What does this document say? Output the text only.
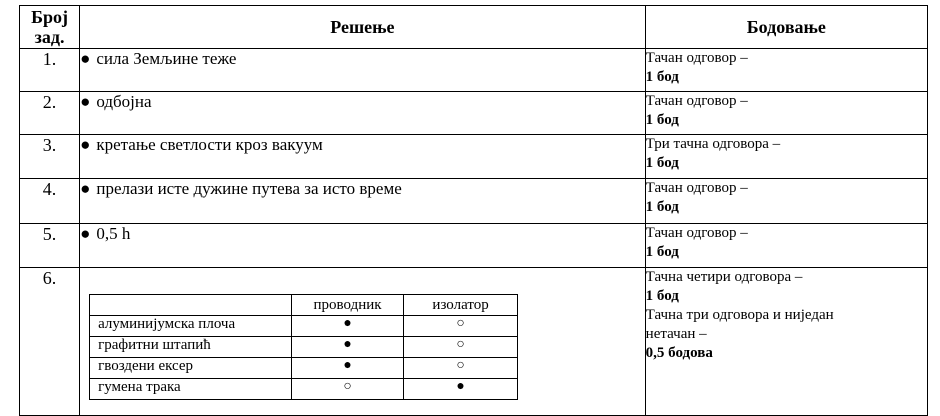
Број
зад.
	Решење	Бодовање
1.	● сила Земљине теже	Тачан одговор –
1 бод

2.	● одбојна	Тачан одговор –
1 бод

3.	● кретање светлости кроз вакуум	Три тачна одговора –
1 бод

4.	● прелази исте дужине путева за исто време	Тачан одговор –
1 бод

5.	● 0,5 h	Тачан одговор –
1 бод

6.	
	проводник	изолатор
алуминијумска плоча	●	○
графитни штапић	●	○
гвоздени ексер	●	○
гумена трака	○	●

Тачна четири одговора –
1 бод
Тачна три одговора и ниједан
нетачан –
0,5 бодова
